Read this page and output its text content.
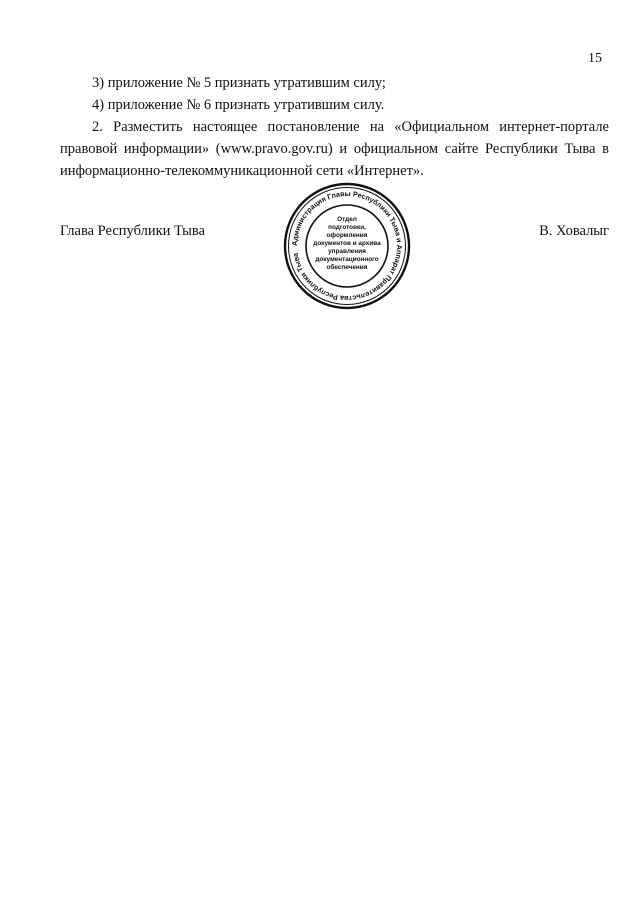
15

3) приложение № 5 признать утратившим силу;

4) приложение № 6 признать утратившим силу.

2. Разместить настоящее постановление на «Официальном интернет-портале правовой информации» (www.pravo.gov.ru) и официальном сайте Республики Тыва в информационно-телекоммуникационной сети «Интернет».

Глава Республики Тыва	В. Ховалыг
Администрация Главы Республики Тыва и Аппарат Правительства Республики Тыва
Отдел
подготовки,
оформления
документов и архива
управления
документационного
обеспечения
